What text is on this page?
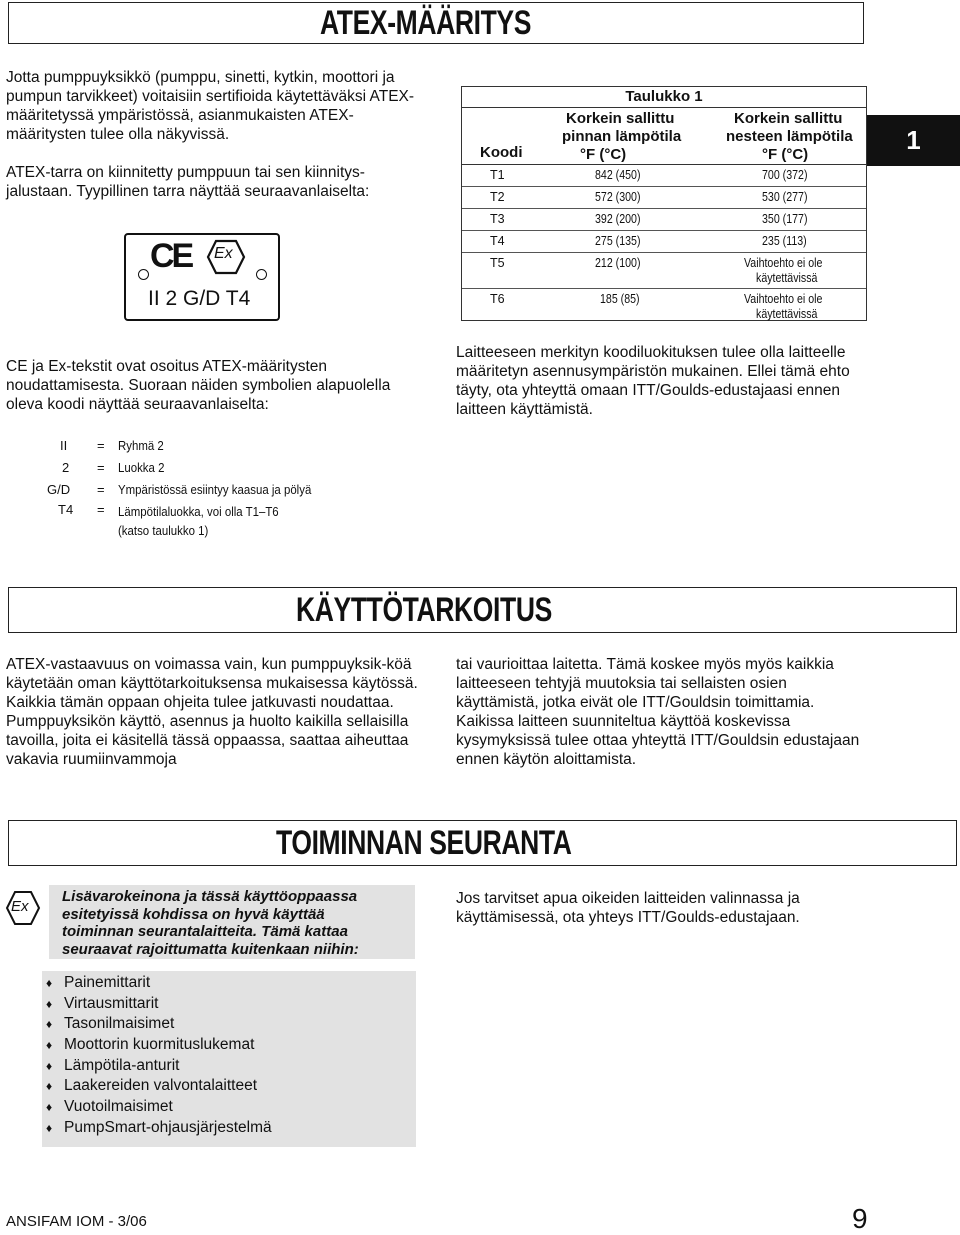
ATEX-MÄÄRITYS
1

Jotta pumppuyksikkö (pumppu, sinetti, kytkin, moottori ja pumpun tarvikkeet) voitaisiin sertifioida käytettäväksi ATEX-määritetyssä ympäristössä, asianmukaisten ATEX-määritysten tulee olla näkyvissä.

ATEX-tarra on kiinnitetty pumppuun tai sen kiinnitys-jalustaan. Tyypillinen tarra näyttää seuraavanlaiselta:

CE Ex
II 2 G/D T4
CE ja Ex-tekstit ovat osoitus ATEX-määritysten noudattamisesta. Suoraan näiden symbolien alapuolella oleva koodi näyttää seuraavanlaiselta:
II = Ryhmä 2
2 = Luokka 2
G/D = Ympäristössä esiintyy kaasua ja pölyä
T4 = Lämpötilaluokka, voi olla T1–T6
(katso taulukko 1)
Taulukko 1
Koodi
Korkein sallittu
pinnan lämpötila
°F (°C)
Korkein sallittu
nesteen lämpötila
°F (°C)
T1	842 (450)	700 (372)
T2	572 (300)	530 (277)
T3	392 (200)	350 (177)
T4	275 (135)	235 (113)
T5	212 (100)	Vaihtoehto ei ole
käytettävissä
T6	185 (85)	Vaihtoehto ei ole
käytettävissä
Laitteeseen merkityn koodiluokituksen tulee olla laitteelle määritetyn asennusympäristön mukainen. Ellei tämä ehto täyty, ota yhteyttä omaan ITT/Goulds-edustajaasi ennen laitteen käyttämistä.
KÄYTTÖTARKOITUS
ATEX-vastaavuus on voimassa vain, kun pumppuyksik-köä käytetään oman käyttötarkoituksensa mukaisessa käytössä. Kaikkia tämän oppaan ohjeita tulee jatkuvasti noudattaa. Pumppuyksikön käyttö, asennus ja huolto kaikilla sellaisilla tavoilla, joita ei käsitellä tässä oppaassa, saattaa aiheuttaa vakavia ruumiinvammoja
tai vaurioittaa laitetta. Tämä koskee myös myös kaikkia laitteeseen tehtyjä muutoksia tai sellaisten osien käyttämistä, jotka eivät ole ITT/Gouldsin toimittamia. Kaikissa laitteen suunniteltua käyttöä koskevissa kysymyksissä tulee ottaa yhteyttä ITT/Gouldsin edustajaan ennen käytön aloittamista.
TOIMINNAN SEURANTA
Ex
Lisävarokeinona ja tässä käyttöoppaassa
esitetyissä kohdissa on hyvä käyttää
toiminnan seurantalaitteita. Tämä kattaa
seuraavat rajoittumatta kuitenkaan niihin:
♦ Painemittarit
♦ Virtausmittarit
♦ Tasonilmaisimet
♦ Moottorin kuormituslukemat
♦ Lämpötila-anturit
♦ Laakereiden valvontalaitteet
♦ Vuotoilmaisimet
♦ PumpSmart-ohjausjärjestelmä
Jos tarvitset apua oikeiden laitteiden valinnassa ja käyttämisessä, ota yhteys ITT/Goulds-edustajaan.
ANSIFAM IOM - 3/06	9
